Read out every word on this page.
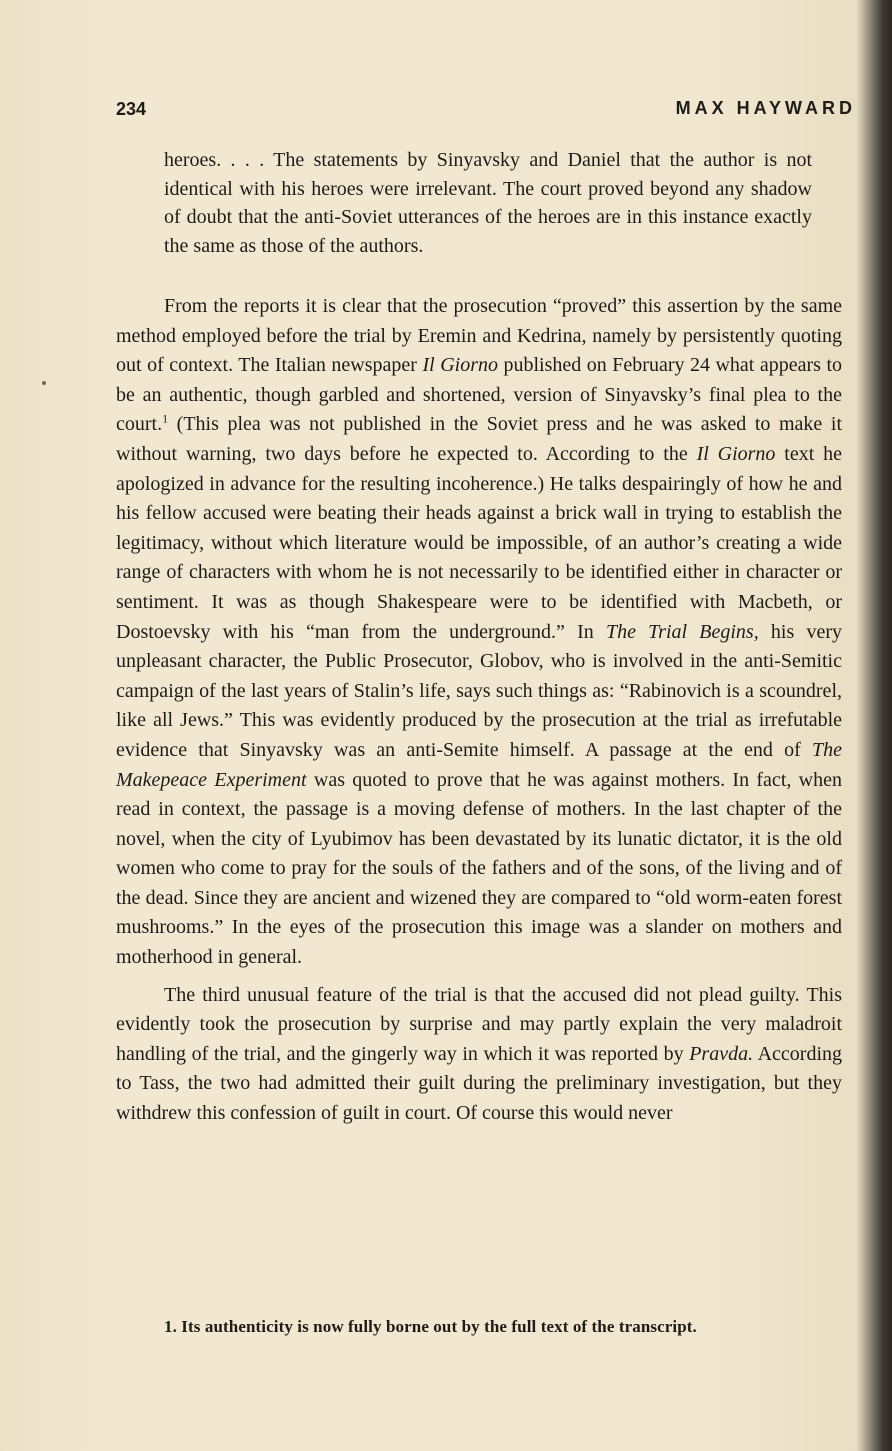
234	MAX HAYWARD
heroes. . . . The statements by Sinyavsky and Daniel that the author is not identical with his heroes were irrelevant. The court proved beyond any shadow of doubt that the anti-Soviet utterances of the heroes are in this instance exactly the same as those of the authors.

From the reports it is clear that the prosecution “proved” this assertion by the same method employed before the trial by Eremin and Kedrina, namely by persistently quoting out of context. The Italian newspaper Il Giorno published on February 24 what appears to be an authentic, though garbled and shortened, version of Sinyavsky’s final plea to the court.$^1$ (This plea was not published in the Soviet press and he was asked to make it without warning, two days before he expected to. According to the Il Giorno text he apologized in advance for the resulting incoherence.) He talks despairingly of how he and his fellow accused were beating their heads against a brick wall in trying to establish the legitimacy, without which literature would be impossible, of an author’s creating a wide range of characters with whom he is not necessarily to be identified either in character or sentiment. It was as though Shakespeare were to be identified with Macbeth, or Dostoevsky with his “man from the underground.” In The Trial Begins, his very unpleasant character, the Public Prosecutor, Globov, who is involved in the anti-Semitic campaign of the last years of Stalin’s life, says such things as: “Rabinovich is a scoundrel, like all Jews.” This was evidently produced by the prosecution at the trial as irrefutable evidence that Sinyavsky was an anti-Semite himself. A passage at the end of The Makepeace Experiment was quoted to prove that he was against mothers. In fact, when read in context, the passage is a moving defense of mothers. In the last chapter of the novel, when the city of Lyubimov has been devastated by its lunatic dictator, it is the old women who come to pray for the souls of the fathers and of the sons, of the living and of the dead. Since they are ancient and wizened they are compared to “old worm-eaten forest mushrooms.” In the eyes of the prosecution this image was a slander on mothers and motherhood in general.

The third unusual feature of the trial is that the accused did not plead guilty. This evidently took the prosecution by surprise and may partly explain the very maladroit handling of the trial, and the gingerly way in which it was reported by Pravda. According to Tass, the two had admitted their guilt during the preliminary investigation, but they withdrew this confession of guilt in court. Of course this would never

1. Its authenticity is now fully borne out by the full text of the transcript.
